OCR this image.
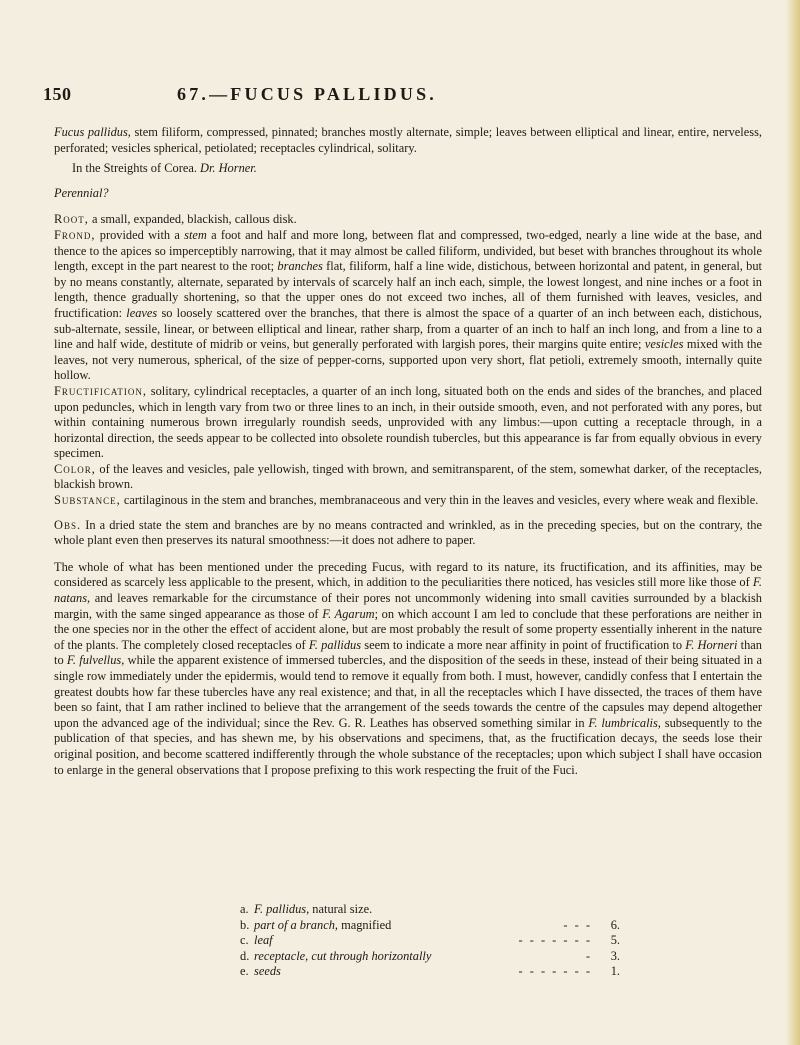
150	67.—FUCUS PALLIDUS.

Fucus pallidus, stem filiform, compressed, pinnated; branches mostly alternate, simple; leaves between elliptical and linear, entire, nerveless, perforated; vesicles spherical, petiolated; receptacles cylindrical, solitary.

In the Streights of Corea. Dr. Horner.

Perennial?

Root, a small, expanded, blackish, callous disk.

Frond, provided with a stem a foot and half and more long, between flat and compressed, two-edged, nearly a line wide at the base, and thence to the apices so imperceptibly narrowing, that it may almost be called filiform, undivided, but beset with branches throughout its whole length, except in the part nearest to the root; branches flat, filiform, half a line wide, distichous, between horizontal and patent, in general, but by no means constantly, alternate, separated by intervals of scarcely half an inch each, simple, the lowest longest, and nine inches or a foot in length, thence gradually shortening, so that the upper ones do not exceed two inches, all of them furnished with leaves, vesicles, and fructification: leaves so loosely scattered over the branches, that there is almost the space of a quarter of an inch between each, distichous, sub-alternate, sessile, linear, or between elliptical and linear, rather sharp, from a quarter of an inch to half an inch long, and from a line to a line and half wide, destitute of midrib or veins, but generally perforated with largish pores, their margins quite entire; vesicles mixed with the leaves, not very numerous, spherical, of the size of pepper-corns, supported upon very short, flat petioli, extremely smooth, internally quite hollow.

Fructification, solitary, cylindrical receptacles, a quarter of an inch long, situated both on the ends and sides of the branches, and placed upon peduncles, which in length vary from two or three lines to an inch, in their outside smooth, even, and not perforated with any pores, but within containing numerous brown irregularly roundish seeds, unprovided with any limbus:—upon cutting a receptacle through, in a horizontal direction, the seeds appear to be collected into obsolete roundish tubercles, but this appearance is far from equally obvious in every specimen.

Color, of the leaves and vesicles, pale yellowish, tinged with brown, and semitransparent, of the stem, somewhat darker, of the receptacles, blackish brown.

Substance, cartilaginous in the stem and branches, membranaceous and very thin in the leaves and vesicles, every where weak and flexible.

Obs. In a dried state the stem and branches are by no means contracted and wrinkled, as in the preceding species, but on the contrary, the whole plant even then preserves its natural smoothness:—it does not adhere to paper.

The whole of what has been mentioned under the preceding Fucus, with regard to its nature, its fructification, and its affinities, may be considered as scarcely less applicable to the present, which, in addition to the peculiarities there noticed, has vesicles still more like those of F. natans, and leaves remarkable for the circumstance of their pores not uncommonly widening into small cavities surrounded by a blackish margin, with the same singed appearance as those of F. Agarum; on which account I am led to conclude that these perforations are neither in the one species nor in the other the effect of accident alone, but are most probably the result of some property essentially inherent in the nature of the plants. The completely closed receptacles of F. pallidus seem to indicate a more near affinity in point of fructification to F. Horneri than to F. fulvellus, while the apparent existence of immersed tubercles, and the disposition of the seeds in these, instead of their being situated in a single row immediately under the epidermis, would tend to remove it equally from both. I must, however, candidly confess that I entertain the greatest doubts how far these tubercles have any real existence; and that, in all the receptacles which I have dissected, the traces of them have been so faint, that I am rather inclined to believe that the arrangement of the seeds towards the centre of the capsules may depend altogether upon the advanced age of the individual; since the Rev. G. R. Leathes has observed something similar in F. lumbricalis, subsequently to the publication of that species, and has shewn me, by his observations and specimens, that, as the fructification decays, the seeds lose their original position, and become scattered indifferently through the whole substance of the receptacles; upon which subject I shall have occasion to enlarge in the general observations that I propose prefixing to this work respecting the fruit of the Fuci.

a. F. pallidus, natural size.
b. part of a branch, magnified	- - -	6.
c. leaf	- - - - - - -	5.
d. receptacle, cut through horizontally	-	3.
e. seeds	- - - - - - -	1.
